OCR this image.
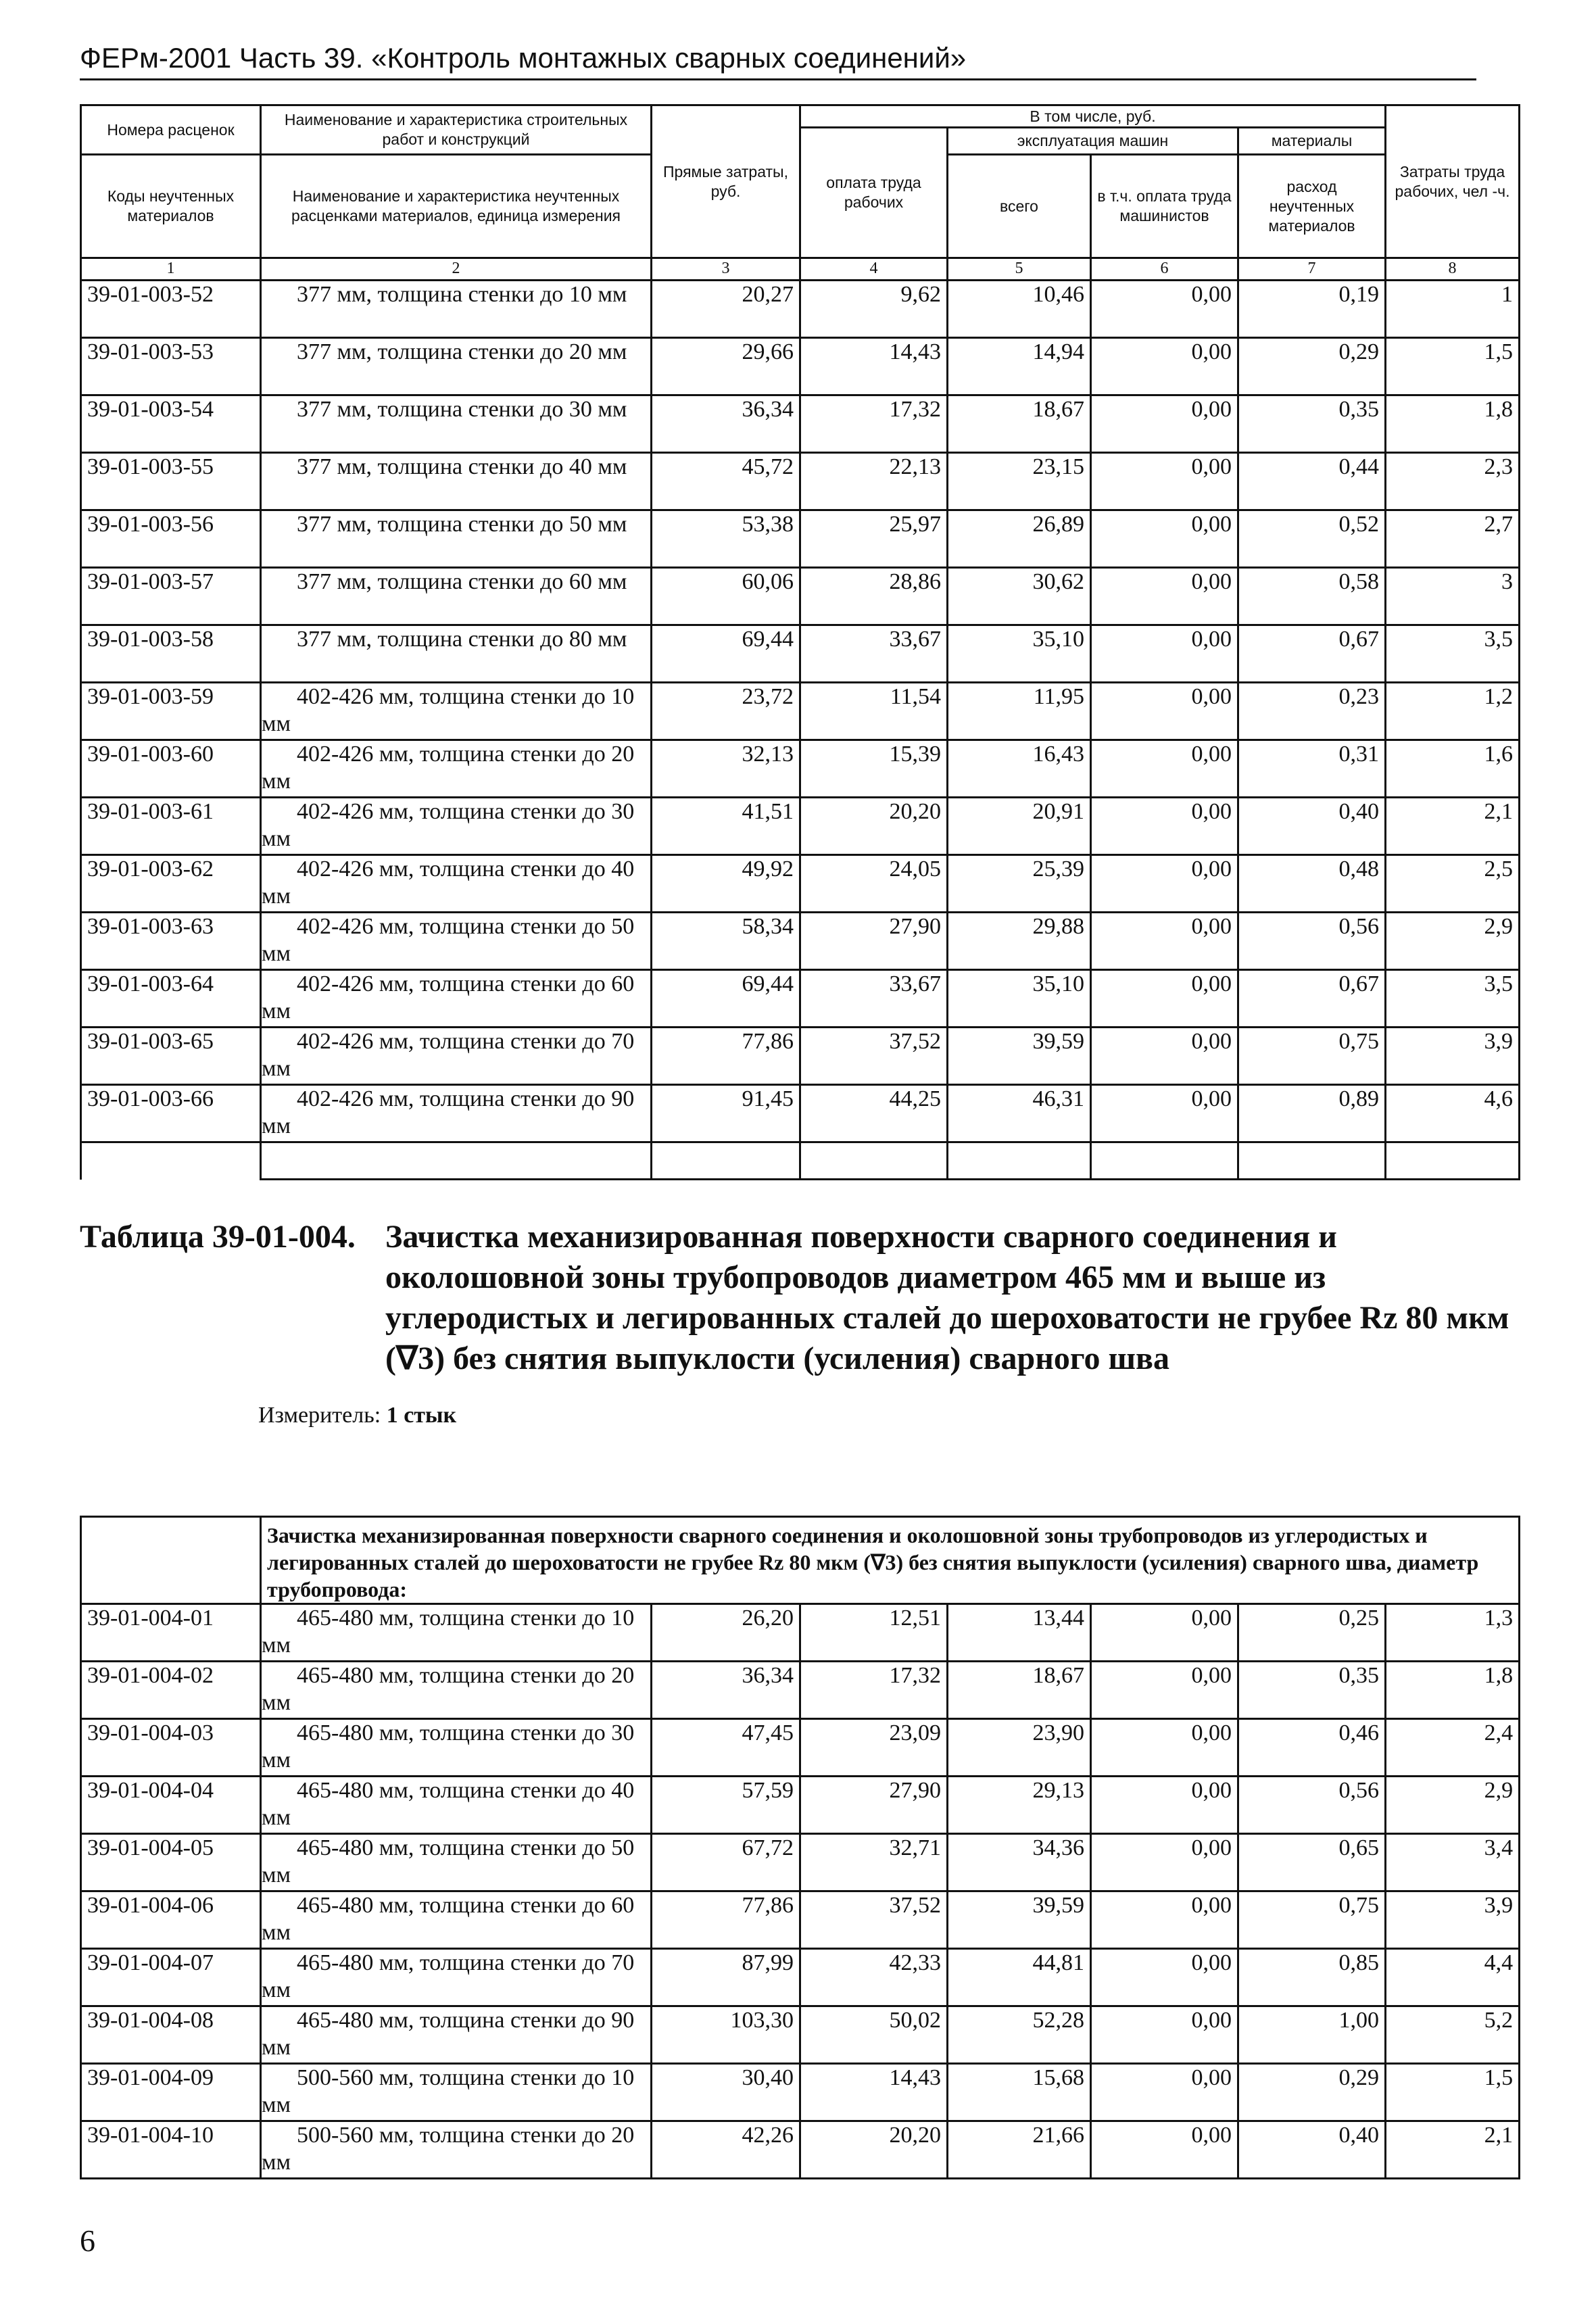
ФЕРм-2001 Часть 39. «Контроль монтажных сварных соединений»
Номера расценок	Наименование и характеристика строительных работ и конструкций	Прямые затраты, руб.	В том числе, руб.				Затраты труда рабочих, чел -ч.
			оплата труда рабочих	эксплуатация машин		материалы	
Коды неучтенных материалов	Наименование и характеристика неучтенных расценками материалов, единица измерения			всего	в т.ч. оплата труда машинистов	расход неучтенных материалов	

1	2	3	4	5	6	7	8
39-01-003-52	377 мм, толщина стенки до 10 мм	20,27	9,62	10,46	0,00	0,19	1
39-01-003-53	377 мм, толщина стенки до 20 мм	29,66	14,43	14,94	0,00	0,29	1,5
39-01-003-54	377 мм, толщина стенки до 30 мм	36,34	17,32	18,67	0,00	0,35	1,8
39-01-003-55	377 мм, толщина стенки до 40 мм	45,72	22,13	23,15	0,00	0,44	2,3
39-01-003-56	377 мм, толщина стенки до 50 мм	53,38	25,97	26,89	0,00	0,52	2,7
39-01-003-57	377 мм, толщина стенки до 60 мм	60,06	28,86	30,62	0,00	0,58	3
39-01-003-58	377 мм, толщина стенки до 80 мм	69,44	33,67	35,10	0,00	0,67	3,5
39-01-003-59	402-426 мм, толщина стенки до 10 мм	23,72	11,54	11,95	0,00	0,23	1,2
39-01-003-60	402-426 мм, толщина стенки до 20 мм	32,13	15,39	16,43	0,00	0,31	1,6
39-01-003-61	402-426 мм, толщина стенки до 30 мм	41,51	20,20	20,91	0,00	0,40	2,1
39-01-003-62	402-426 мм, толщина стенки до 40 мм	49,92	24,05	25,39	0,00	0,48	2,5
39-01-003-63	402-426 мм, толщина стенки до 50 мм	58,34	27,90	29,88	0,00	0,56	2,9
39-01-003-64	402-426 мм, толщина стенки до 60 мм	69,44	33,67	35,10	0,00	0,67	3,5
39-01-003-65	402-426 мм, толщина стенки до 70 мм	77,86	37,52	39,59	0,00	0,75	3,9
39-01-003-66	402-426 мм, толщина стенки до 90 мм	91,45	44,25	46,31	0,00	0,89	4,6

Таблица 39-01-004. Зачистка механизированная поверхности сварного соединения и околошовной зоны трубопроводов диаметром 465 мм и выше из углеродистых и легированных сталей до шероховатости не грубее Rz 80 мкм (∇3) без снятия выпуклости (усиления) сварного шва
Измеритель: 1 стык
	Зачистка механизированная поверхности сварного соединения и околошовной зоны трубопроводов из углеродистых и легированных сталей до шероховатости не грубее Rz 80 мкм (∇3) без снятия выпуклости (усиления) сварного шва, диаметр трубопровода:						
39-01-004-01	465-480 мм, толщина стенки до 10 мм	26,20	12,51	13,44	0,00	0,25	1,3
39-01-004-02	465-480 мм, толщина стенки до 20 мм	36,34	17,32	18,67	0,00	0,35	1,8
39-01-004-03	465-480 мм, толщина стенки до 30 мм	47,45	23,09	23,90	0,00	0,46	2,4
39-01-004-04	465-480 мм, толщина стенки до 40 мм	57,59	27,90	29,13	0,00	0,56	2,9
39-01-004-05	465-480 мм, толщина стенки до 50 мм	67,72	32,71	34,36	0,00	0,65	3,4
39-01-004-06	465-480 мм, толщина стенки до 60 мм	77,86	37,52	39,59	0,00	0,75	3,9
39-01-004-07	465-480 мм, толщина стенки до 70 мм	87,99	42,33	44,81	0,00	0,85	4,4
39-01-004-08	465-480 мм, толщина стенки до 90 мм	103,30	50,02	52,28	0,00	1,00	5,2
39-01-004-09	500-560 мм, толщина стенки до 10 мм	30,40	14,43	15,68	0,00	0,29	1,5
39-01-004-10	500-560 мм, толщина стенки до 20 мм	42,26	20,20	21,66	0,00	0,40	2,1
6
